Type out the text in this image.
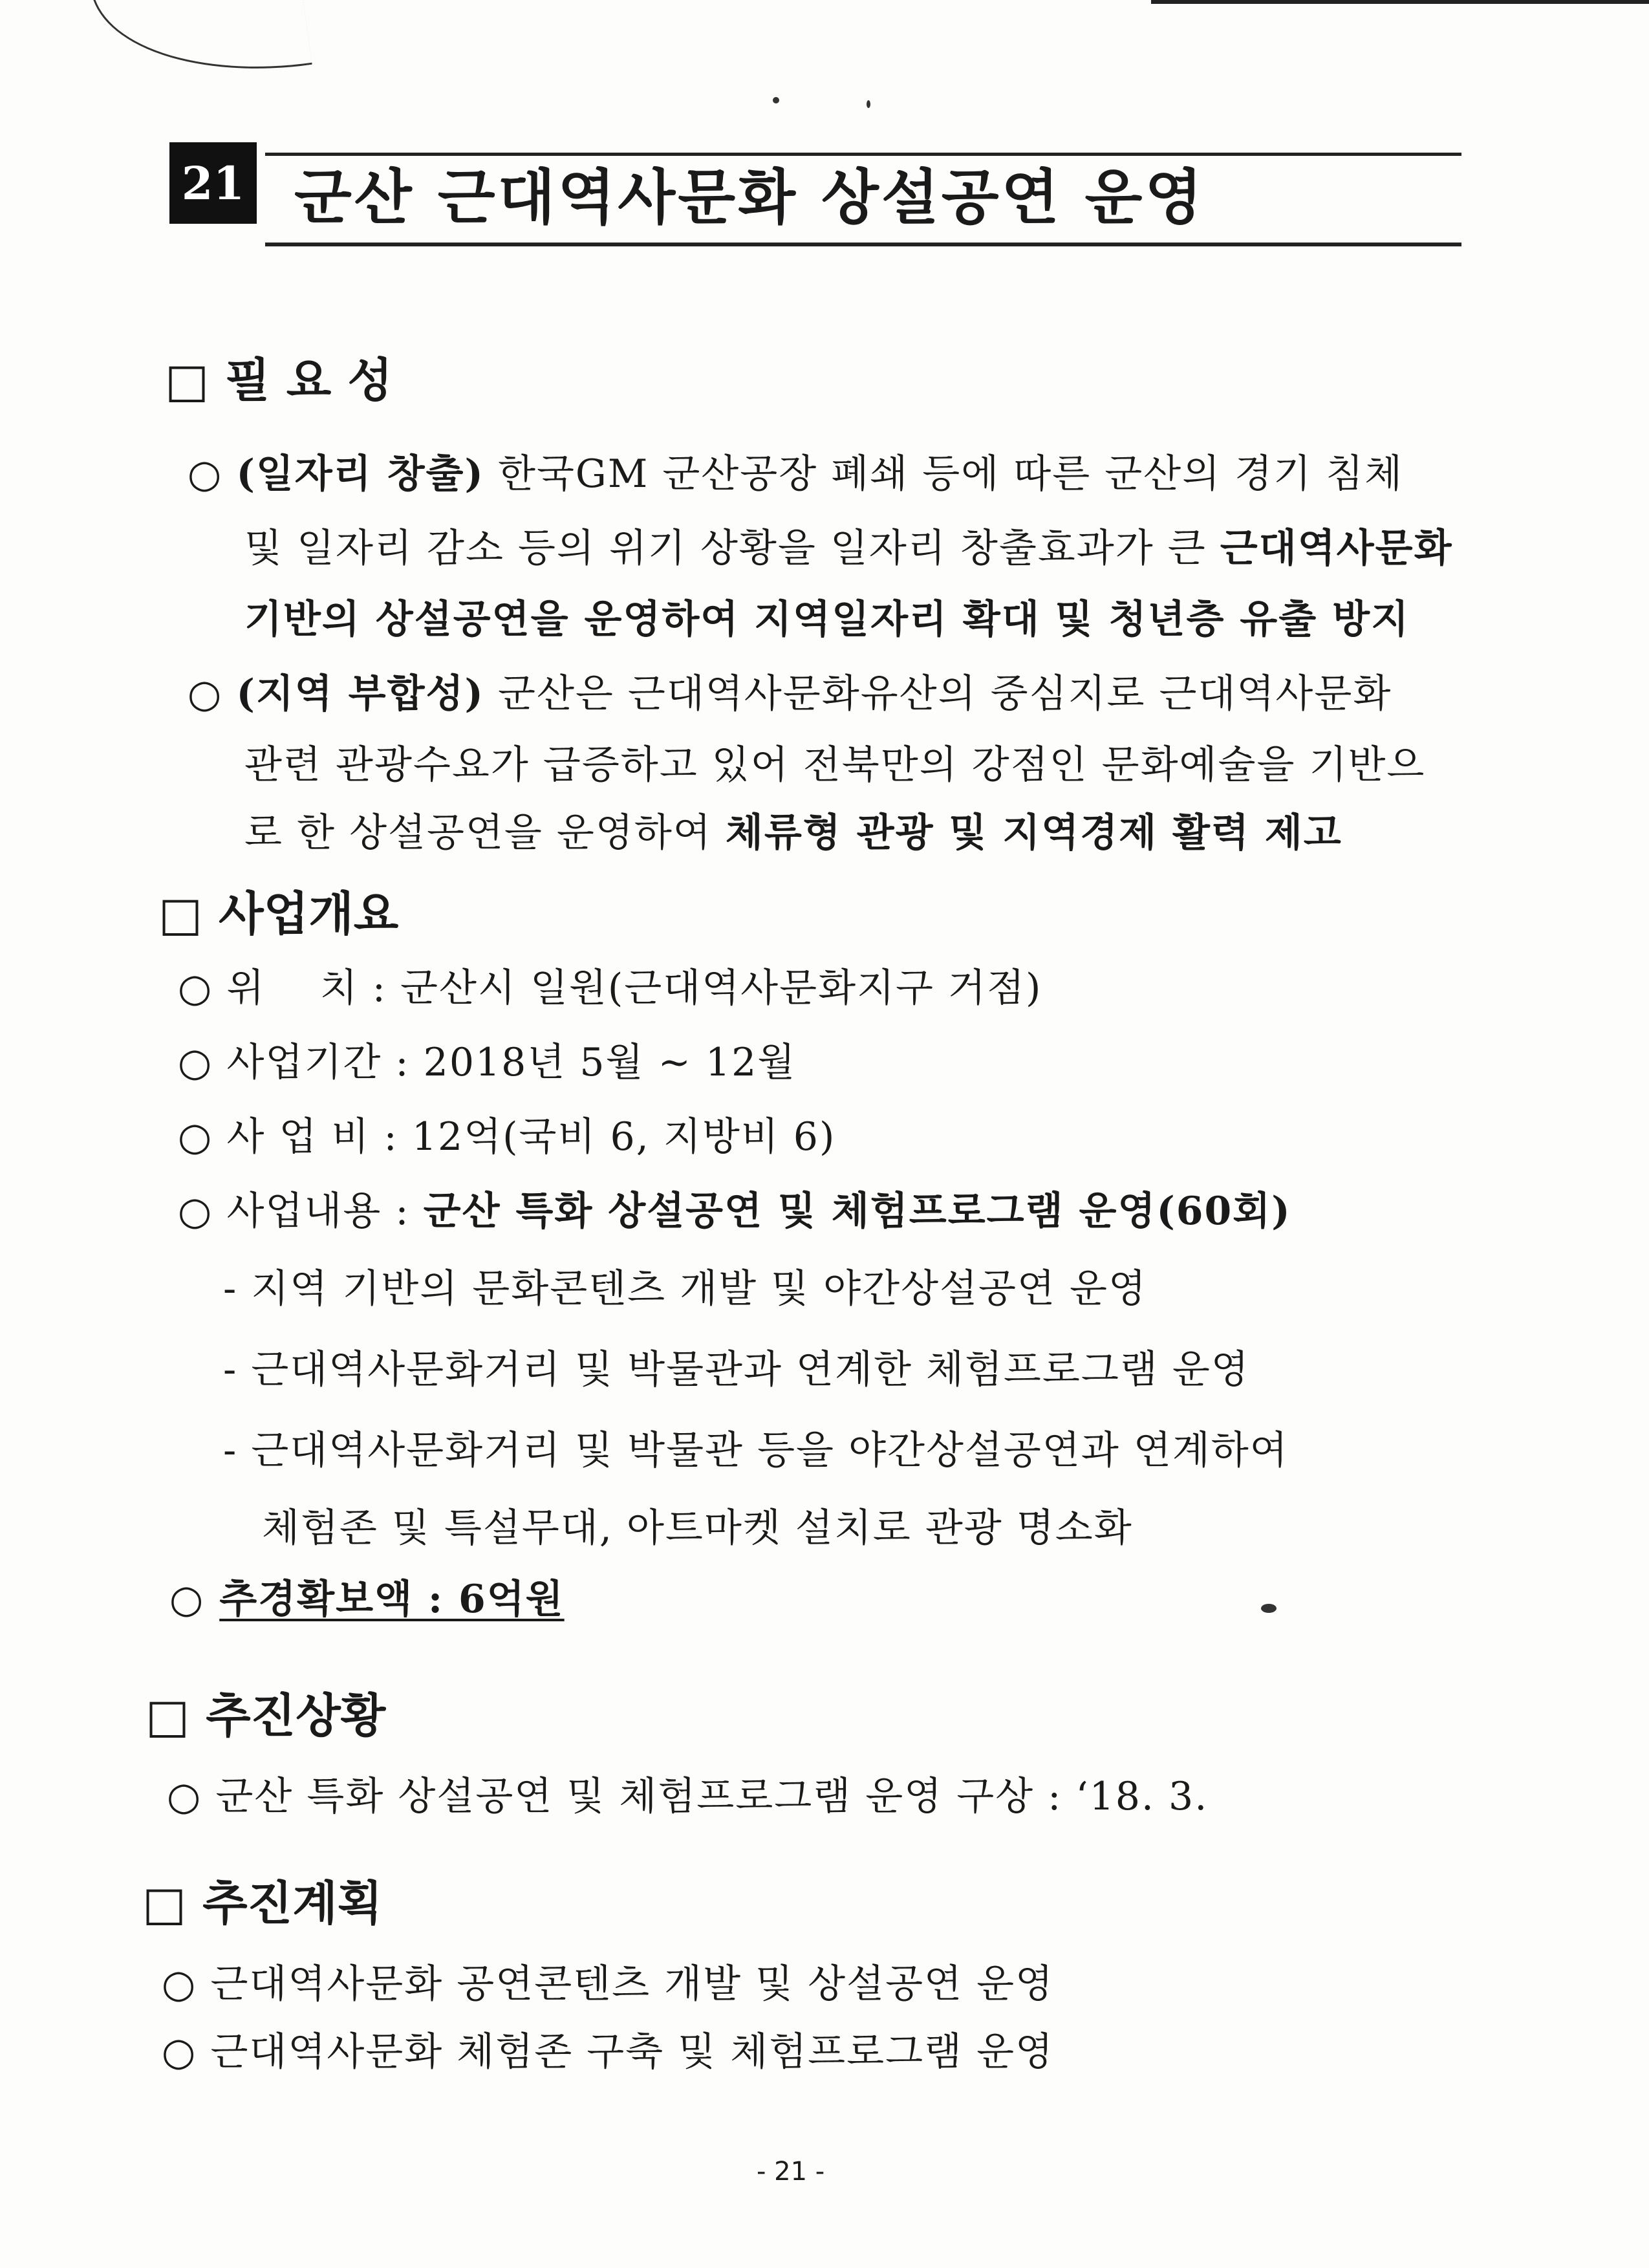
21 군산 근대역사문화 상설공연 운영
□ 필 요 성
○ (일자리 창출) 한국GM 군산공장 폐쇄 등에 따른 군산의 경기 침체
및 일자리 감소 등의 위기 상황을 일자리 창출효과가 큰 근대역사문화
기반의 상설공연을 운영하여 지역일자리 확대 및 청년층 유출 방지
○ (지역 부합성) 군산은 근대역사문화유산의 중심지로 근대역사문화
관련 관광수요가 급증하고 있어 전북만의 강점인 문화예술을 기반으
로 한 상설공연을 운영하여 체류형 관광 및 지역경제 활력 제고
□ 사업개요
○ 위    치 : 군산시 일원(근대역사문화지구 거점)
○ 사업기간 : 2018년 5월 ~ 12월
○ 사 업 비 : 12억(국비 6, 지방비 6)
○ 사업내용 : 군산 특화 상설공연 및 체험프로그램 운영(60회)
- 지역 기반의 문화콘텐츠 개발 및 야간상설공연 운영
- 근대역사문화거리 및 박물관과 연계한 체험프로그램 운영
- 근대역사문화거리 및 박물관 등을 야간상설공연과 연계하여
체험존 및 특설무대, 아트마켓 설치로 관광 명소화
○ 추경확보액 : 6억원
□ 추진상황
○ 군산 특화 상설공연 및 체험프로그램 운영 구상 : ‘18. 3.
□ 추진계획
○ 근대역사문화 공연콘텐츠 개발 및 상설공연 운영
○ 근대역사문화 체험존 구축 및 체험프로그램 운영
- 21 -
